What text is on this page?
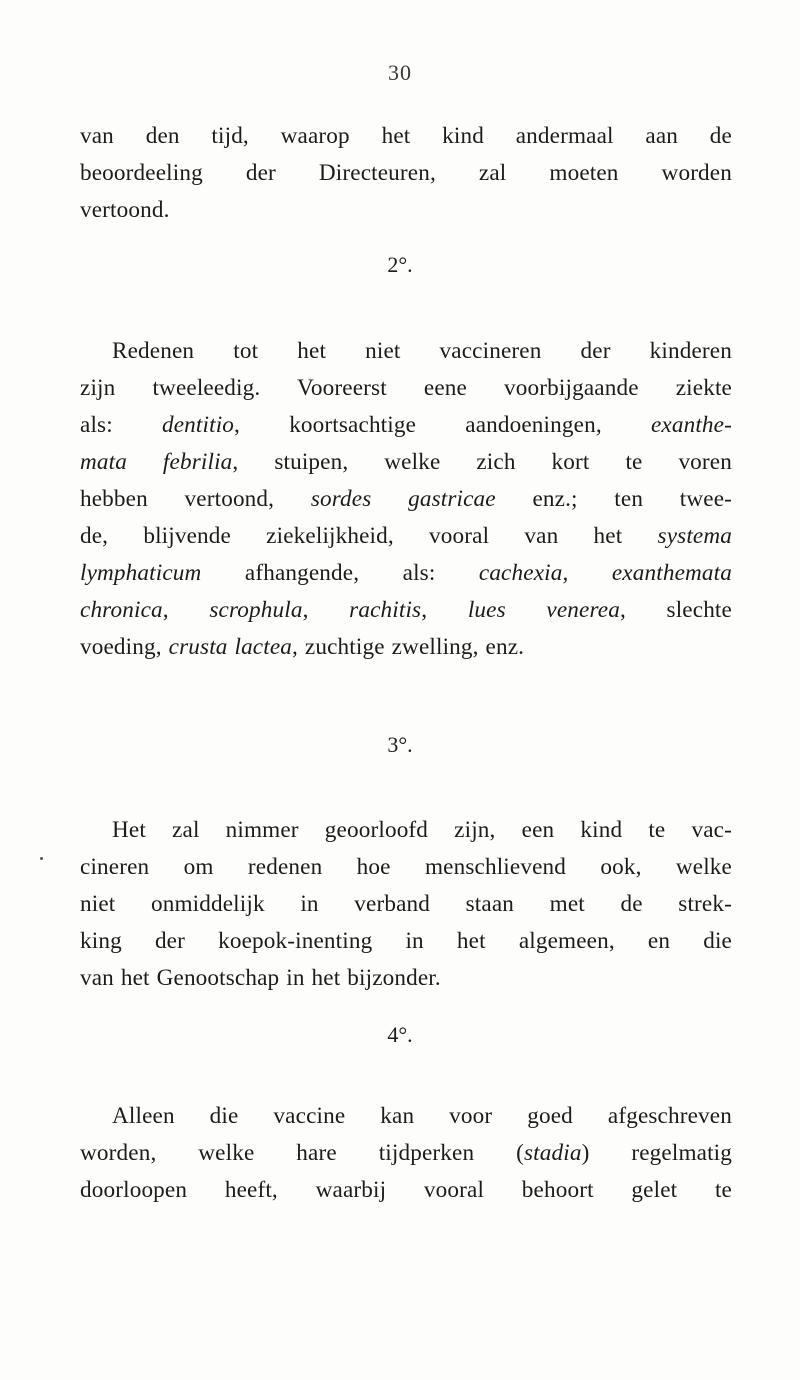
30
van den tijd, waarop het kind andermaal aan de
beoordeeling der Directeuren, zal moeten worden
vertoond.
2°.
Redenen tot het niet vaccineren der kinderen
zijn tweeleedig. Vooreerst eene voorbijgaande ziekte
als: dentitio, koortsachtige aandoeningen, exanthe-
mata febrilia, stuipen, welke zich kort te voren
hebben vertoond, sordes gastricae enz.; ten twee-
de, blijvende ziekelijkheid, vooral van het systema
lymphaticum afhangende, als: cachexia, exanthemata
chronica, scrophula, rachitis, lues venerea, slechte
voeding, crusta lactea, zuchtige zwelling, enz.
3°.
Het zal nimmer geoorloofd zijn, een kind te vac-
cineren om redenen hoe menschlievend ook, welke
niet onmiddelijk in verband staan met de strek-
king der koepok-inenting in het algemeen, en die
van het Genootschap in het bijzonder.
4°.
Alleen die vaccine kan voor goed afgeschreven
worden, welke hare tijdperken (stadia) regelmatig
doorloopen heeft, waarbij vooral behoort gelet te
